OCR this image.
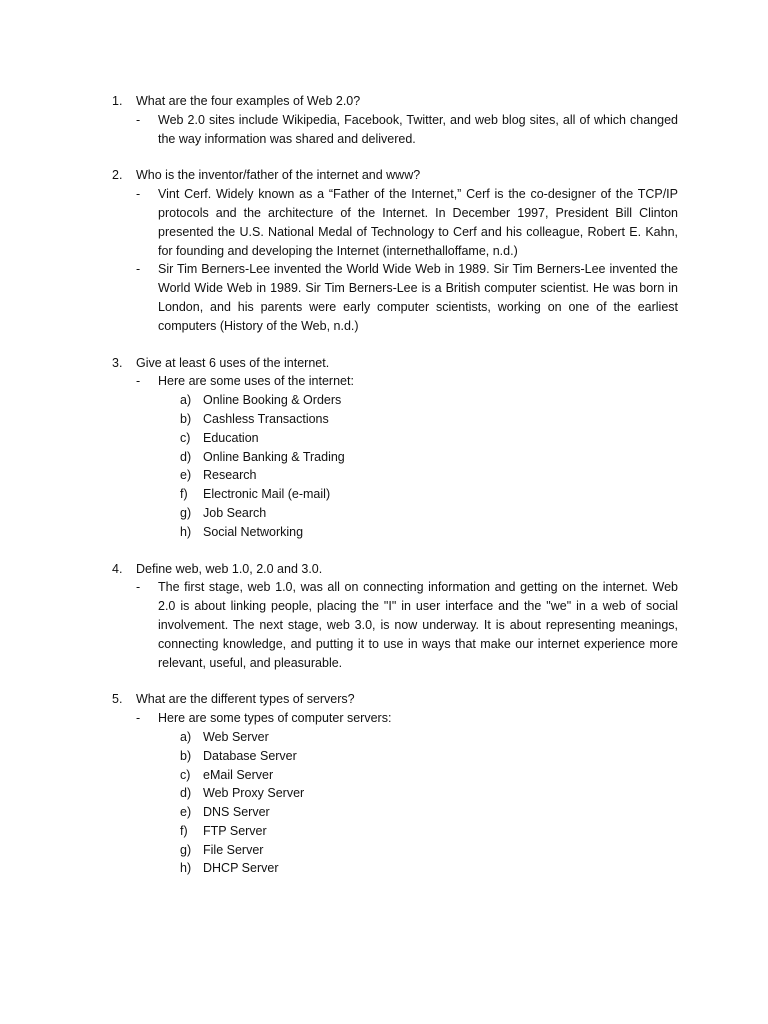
1.	What are the four examples of Web 2.0?
-	Web 2.0 sites include Wikipedia, Facebook, Twitter, and web blog sites, all of which changed the way information was shared and delivered.
2.	Who is the inventor/father of the internet and www?
-	Vint Cerf. Widely known as a “Father of the Internet,” Cerf is the co-designer of the TCP/IP protocols and the architecture of the Internet. In December 1997, President Bill Clinton presented the U.S. National Medal of Technology to Cerf and his colleague, Robert E. Kahn, for founding and developing the Internet (internethalloffame, n.d.)
-	Sir Tim Berners-Lee invented the World Wide Web in 1989. Sir Tim Berners-Lee invented the World Wide Web in 1989. Sir Tim Berners-Lee is a British computer scientist. He was born in London, and his parents were early computer scientists, working on one of the earliest computers (History of the Web, n.d.)
3.	Give at least 6 uses of the internet.
-	Here are some uses of the internet:
a) Online Booking & Orders
b) Cashless Transactions
c)	Education
d) Online Banking & Trading
e) Research
f)	Electronic Mail (e-mail)
g) Job Search
h) Social Networking
4.	Define web, web 1.0, 2.0 and 3.0.
-	The first stage, web 1.0, was all on connecting information and getting on the internet. Web 2.0 is about linking people, placing the "I" in user interface and the "we" in a web of social involvement. The next stage, web 3.0, is now underway. It is about representing meanings, connecting knowledge, and putting it to use in ways that make our internet experience more relevant, useful, and pleasurable.
5.	What are the different types of servers?
-	Here are some types of computer servers:
a) Web Server
b) Database Server
c)	eMail Server
d) Web Proxy Server
e) DNS Server
f)	FTP Server
g) File Server
h) DHCP Server
